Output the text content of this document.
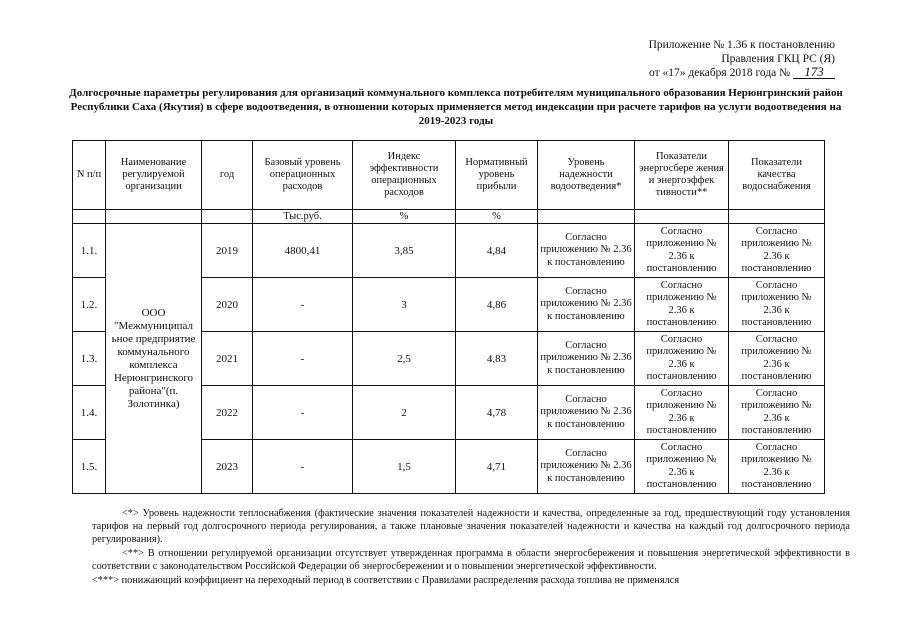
Приложение № 1.36 к постановлению
Правления ГКЦ РС (Я)
от «17» декабря 2018 года № 173
Долгосрочные параметры регулирования для организаций коммунального комплекса потребителям муниципального образования Нерюнгринский район Республики Саха (Якутия) в сфере водоотведения, в отношении которых применяется метод индексации при расчете тарифов на услуги водоотведения на 2019-2023 годы
N п/п	Наименование регулируемой организации	год	Базовый уровень операционных расходов	Индекс эффективности операционных расходов	Нормативный уровень прибыли	Уровень надежности водоотведения*	Показатели энергосбере жения и энергоэффек тивности**	Показатели качества водоснабжения
			Тыс.руб.	%	%			
1.1.	ООО "Межмуниципал ьное предприятие коммунального комплекса Нерюнгринского района"(п. Золотинка)	2019	4800,41	3,85	4,84	Согласно приложению № 2.36 к постановлению	Согласно приложению № 2.36 к постановлению	Согласно приложению № 2.36 к постановлению
1.2.		2020	-	3	4,86	Согласно приложению № 2.36 к постановлению	Согласно приложению № 2.36 к постановлению	Согласно приложению № 2.36 к постановлению
1.3.		2021	-	2,5	4,83	Согласно приложению № 2.36 к постановлению	Согласно приложению № 2.36 к постановлению	Согласно приложению № 2.36 к постановлению
1.4.		2022	-	2	4,78	Согласно приложению № 2.36 к постановлению	Согласно приложению № 2.36 к постановлению	Согласно приложению № 2.36 к постановлению
1.5.		2023	-	1,5	4,71	Согласно приложению № 2.36 к постановлению	Согласно приложению № 2.36 к постановлению	Согласно приложению № 2.36 к постановлению

<*> Уровень надежности теплоснабжения (фактические значения показателей надежности и качества, определенные за год, предшествующий году установления тарифов на первый год долгосрочного периода регулирования, а также плановые значения показателей надежности и качества на каждый год долгосрочного периода регулирования).

<**> В отношении регулируемой организации отсутствует утвержденная программа в области энергосбережения и повышения энергетической эффективности в соответствии с законодательством Российской Федерации об энергосбережении и о повышении энергетической эффективности.

<***> понижающий коэффициент на переходный период в соответствии с Правилами распределения расхода топлива не применялся
